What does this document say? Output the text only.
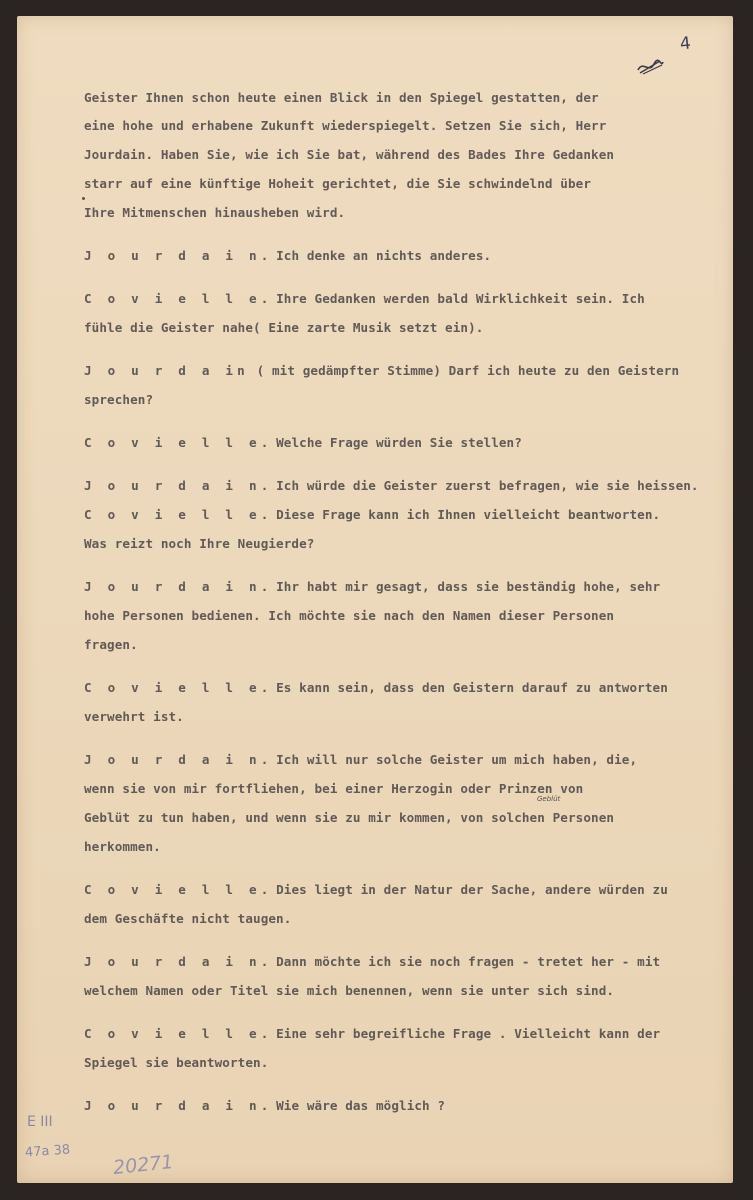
4
Geblüt
Geister Ihnen schon heute einen Blick in den Spiegel gestatten, der
eine hohe und erhabene Zukunft wiederspiegelt. Setzen Sie sich, Herr
Jourdain. Haben Sie, wie ich Sie bat, während des Bades Ihre Gedanken
starr auf eine künftige Hoheit gerichtet, die Sie schwindelnd über
Ihre Mitmenschen hinausheben wird.
J o u r d a i n. Ich denke an nichts anderes.
C o v i e l l e. Ihre Gedanken werden bald Wirklichkeit sein. Ich
fühle die Geister nahe( Eine zarte Musik setzt ein).
J o u r d a in ( mit gedämpfter Stimme) Darf ich heute zu den Geistern
sprechen?
C o v i e l l e. Welche Frage würden Sie stellen?
J o u r d a i n. Ich würde die Geister zuerst befragen, wie sie heissen.
C o v i e l l e. Diese Frage kann ich Ihnen vielleicht beantworten.
Was reizt noch Ihre Neugierde?
J o u r d a i n. Ihr habt mir gesagt, dass sie beständig hohe, sehr
hohe Personen bedienen. Ich möchte sie nach den Namen dieser Personen
fragen.
C o v i e l l e. Es kann sein, dass den Geistern darauf zu antworten
verwehrt ist.
J o u r d a i n. Ich will nur solche Geister um mich haben, die,
wenn sie von mir fortfliehen, bei einer Herzogin oder Prinzen von
Geblüt zu tun haben, und wenn sie zu mir kommen, von solchen Personen
herkommen.
C o v i e l l e. Dies liegt in der Natur der Sache, andere würden zu
dem Geschäfte nicht taugen.
J o u r d a i n. Dann möchte ich sie noch fragen - tretet her - mit
welchem Namen oder Titel sie mich benennen, wenn sie unter sich sind.
C o v i e l l e. Eine sehr begreifliche Frage . Vielleicht kann der
Spiegel sie beantworten.
J o u r d a i n. Wie wäre das möglich ?
E III
47a 38 20271
